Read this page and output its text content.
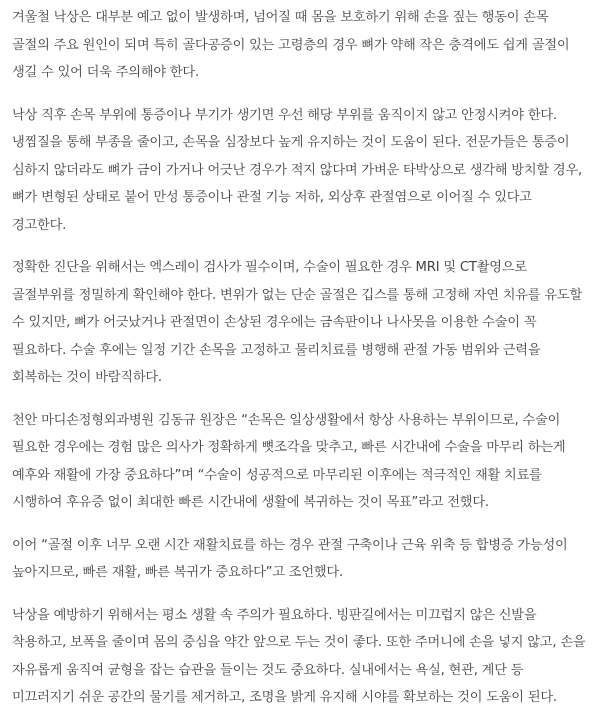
겨울철 낙상은 대부분 예고 없이 발생하며, 넘어질 때 몸을 보호하기 위해 손을 짚는 행동이 손목 골절의 주요 원인이 되며 특히 골다공증이 있는 고령층의 경우 뼈가 약해 작은 충격에도 쉽게 골절이 생길 수 있어 더욱 주의해야 한다.

낙상 직후 손목 부위에 통증이나 부기가 생기면 우선 해당 부위를 움직이지 않고 안정시켜야 한다. 냉찜질을 통해 부종을 줄이고, 손목을 심장보다 높게 유지하는 것이 도움이 된다. 전문가들은 통증이 심하지 않더라도 뼈가 금이 가거나 어긋난 경우가 적지 않다며 가벼운 타박상으로 생각해 방치할 경우, 뼈가 변형된 상태로 붙어 만성 통증이나 관절 기능 저하, 외상후 관절염으로 이어질 수 있다고 경고한다.

정확한 진단을 위해서는 엑스레이 검사가 필수이며, 수술이 필요한 경우 MRI 및 CT촬영으로 골절부위를 정밀하게 확인해야 한다. 변위가 없는 단순 골절은 깁스를 통해 고정해 자연 치유를 유도할 수 있지만, 뼈가 어긋났거나 관절면이 손상된 경우에는 금속판이나 나사못을 이용한 수술이 꼭 필요하다. 수술 후에는 일정 기간 손목을 고정하고 물리치료를 병행해 관절 가동 범위와 근력을 회복하는 것이 바람직하다.

천안 마디손정형외과병원 김동규 원장은 “손목은 일상생활에서 항상 사용하는 부위이므로, 수술이 필요한 경우에는 경험 많은 의사가 정확하게 뼛조각을 맞추고, 빠른 시간내에 수술을 마무리 하는게 예후와 재활에 가장 중요하다”며 “수술이 성공적으로 마무리된 이후에는 적극적인 재활 치료를 시행하여 후유증 없이 최대한 빠른 시간내에 생활에 복귀하는 것이 목표”라고 전했다.

이어 “골절 이후 너무 오랜 시간 재활치료를 하는 경우 관절 구축이나 근육 위축 등 합병증 가능성이 높아지므로, 빠른 재활, 빠른 복귀가 중요하다”고 조언했다.

낙상을 예방하기 위해서는 평소 생활 속 주의가 필요하다. 빙판길에서는 미끄럽지 않은 신발을 착용하고, 보폭을 줄이며 몸의 중심을 약간 앞으로 두는 것이 좋다. 또한 주머니에 손을 넣지 않고, 손을 자유롭게 움직여 균형을 잡는 습관을 들이는 것도 중요하다. 실내에서는 욕실, 현관, 계단 등 미끄러지기 쉬운 공간의 물기를 제거하고, 조명을 밝게 유지해 시야를 확보하는 것이 도움이 된다.
